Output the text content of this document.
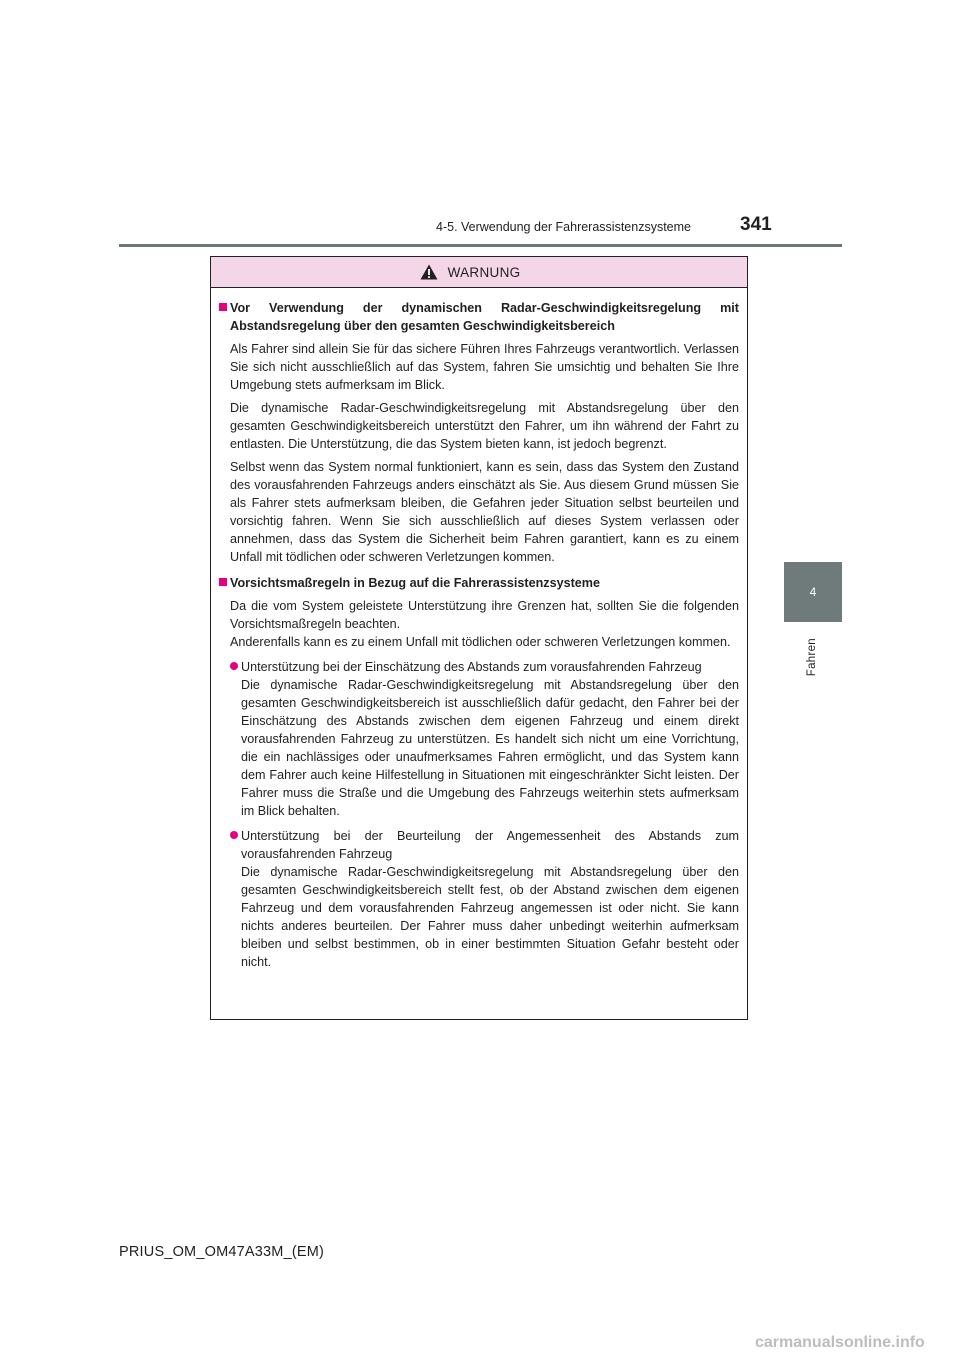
4-5. Verwendung der Fahrerassistenzsysteme	341
4
Fahren
WARNUNG
Vor Verwendung der dynamischen Radar-Geschwindigkeitsregelung mit Abstandsregelung über den gesamten Geschwindigkeitsbereich
Als Fahrer sind allein Sie für das sichere Führen Ihres Fahrzeugs verantwortlich. Verlassen Sie sich nicht ausschließlich auf das System, fahren Sie umsichtig und behalten Sie Ihre Umgebung stets aufmerksam im Blick.
Die dynamische Radar-Geschwindigkeitsregelung mit Abstandsregelung über den gesamten Geschwindigkeitsbereich unterstützt den Fahrer, um ihn während der Fahrt zu entlasten. Die Unterstützung, die das System bieten kann, ist jedoch begrenzt.
Selbst wenn das System normal funktioniert, kann es sein, dass das System den Zustand des vorausfahrenden Fahrzeugs anders einschätzt als Sie. Aus diesem Grund müssen Sie als Fahrer stets aufmerksam bleiben, die Gefahren jeder Situation selbst beurteilen und vorsichtig fahren. Wenn Sie sich ausschließlich auf dieses System verlassen oder annehmen, dass das System die Sicherheit beim Fahren garantiert, kann es zu einem Unfall mit tödlichen oder schweren Verletzungen kommen.
Vorsichtsmaßregeln in Bezug auf die Fahrerassistenzsysteme
Da die vom System geleistete Unterstützung ihre Grenzen hat, sollten Sie die folgenden Vorsichtsmaßregeln beachten.
Anderenfalls kann es zu einem Unfall mit tödlichen oder schweren Verletzungen kommen.
Unterstützung bei der Einschätzung des Abstands zum vorausfahrenden Fahrzeug
Die dynamische Radar-Geschwindigkeitsregelung mit Abstandsregelung über den gesamten Geschwindigkeitsbereich ist ausschließlich dafür gedacht, den Fahrer bei der Einschätzung des Abstands zwischen dem eigenen Fahrzeug und einem direkt vorausfahrenden Fahrzeug zu unterstützen. Es handelt sich nicht um eine Vorrichtung, die ein nachlässiges oder unaufmerksames Fahren ermöglicht, und das System kann dem Fahrer auch keine Hilfestellung in Situationen mit eingeschränkter Sicht leisten. Der Fahrer muss die Straße und die Umgebung des Fahrzeugs weiterhin stets aufmerksam im Blick behalten.
Unterstützung bei der Beurteilung der Angemessenheit des Abstands zum vorausfahrenden Fahrzeug
Die dynamische Radar-Geschwindigkeitsregelung mit Abstandsregelung über den gesamten Geschwindigkeitsbereich stellt fest, ob der Abstand zwischen dem eigenen Fahrzeug und dem vorausfahrenden Fahrzeug angemessen ist oder nicht. Sie kann nichts anderes beurteilen. Der Fahrer muss daher unbedingt weiterhin aufmerksam bleiben und selbst bestimmen, ob in einer bestimmten Situation Gefahr besteht oder nicht.
PRIUS_OM_OM47A33M_(EM)
carmanualsonline.info
